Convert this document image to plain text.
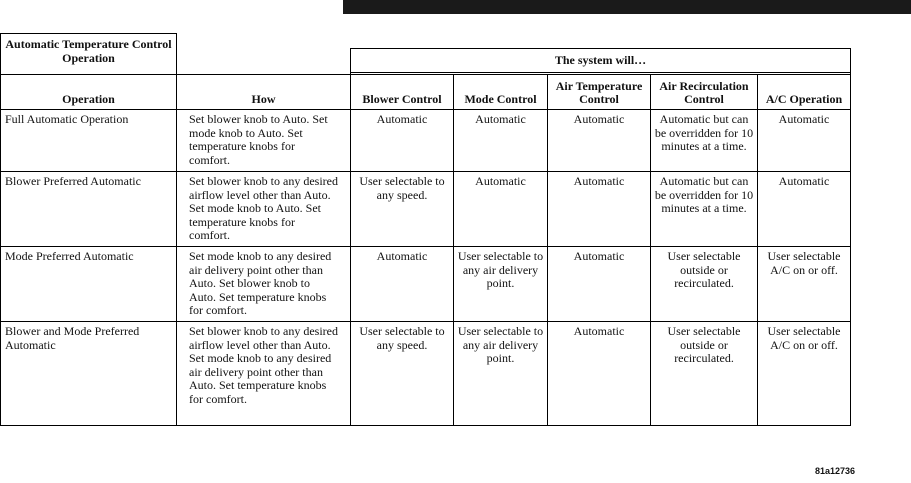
Automatic Temperature Control Operation						
		The system will…				

Operation	How	Blower Control	Mode Control	Air Temperature Control	Air Recirculation Control	A/C Operation
Full Automatic Operation	Set blower knob to Auto. Set mode knob to Auto. Set temperature knobs for comfort.	Automatic	Automatic	Automatic	Automatic but can be overridden for 10 minutes at a time.	Automatic
Blower Preferred Automatic	Set blower knob to any desired airflow level other than Auto. Set mode knob to Auto. Set temperature knobs for comfort.	User selectable to any speed.	Automatic	Automatic	Automatic but can be overridden for 10 minutes at a time.	Automatic
Mode Preferred Automatic	Set mode knob to any desired air delivery point other than Auto. Set blower knob to Auto. Set temperature knobs for comfort.	Automatic	User selectable to any air delivery point.	Automatic	User selectable outside or recirculated.	User selectable A/C on or off.
Blower and Mode Preferred Automatic	Set blower knob to any desired airflow level other than Auto. Set mode knob to any desired air delivery point other than Auto. Set temperature knobs for comfort.	User selectable to any speed.	User selectable to any air delivery point.	Automatic	User selectable outside or recirculated.	User selectable A/C on or off.
81a12736
